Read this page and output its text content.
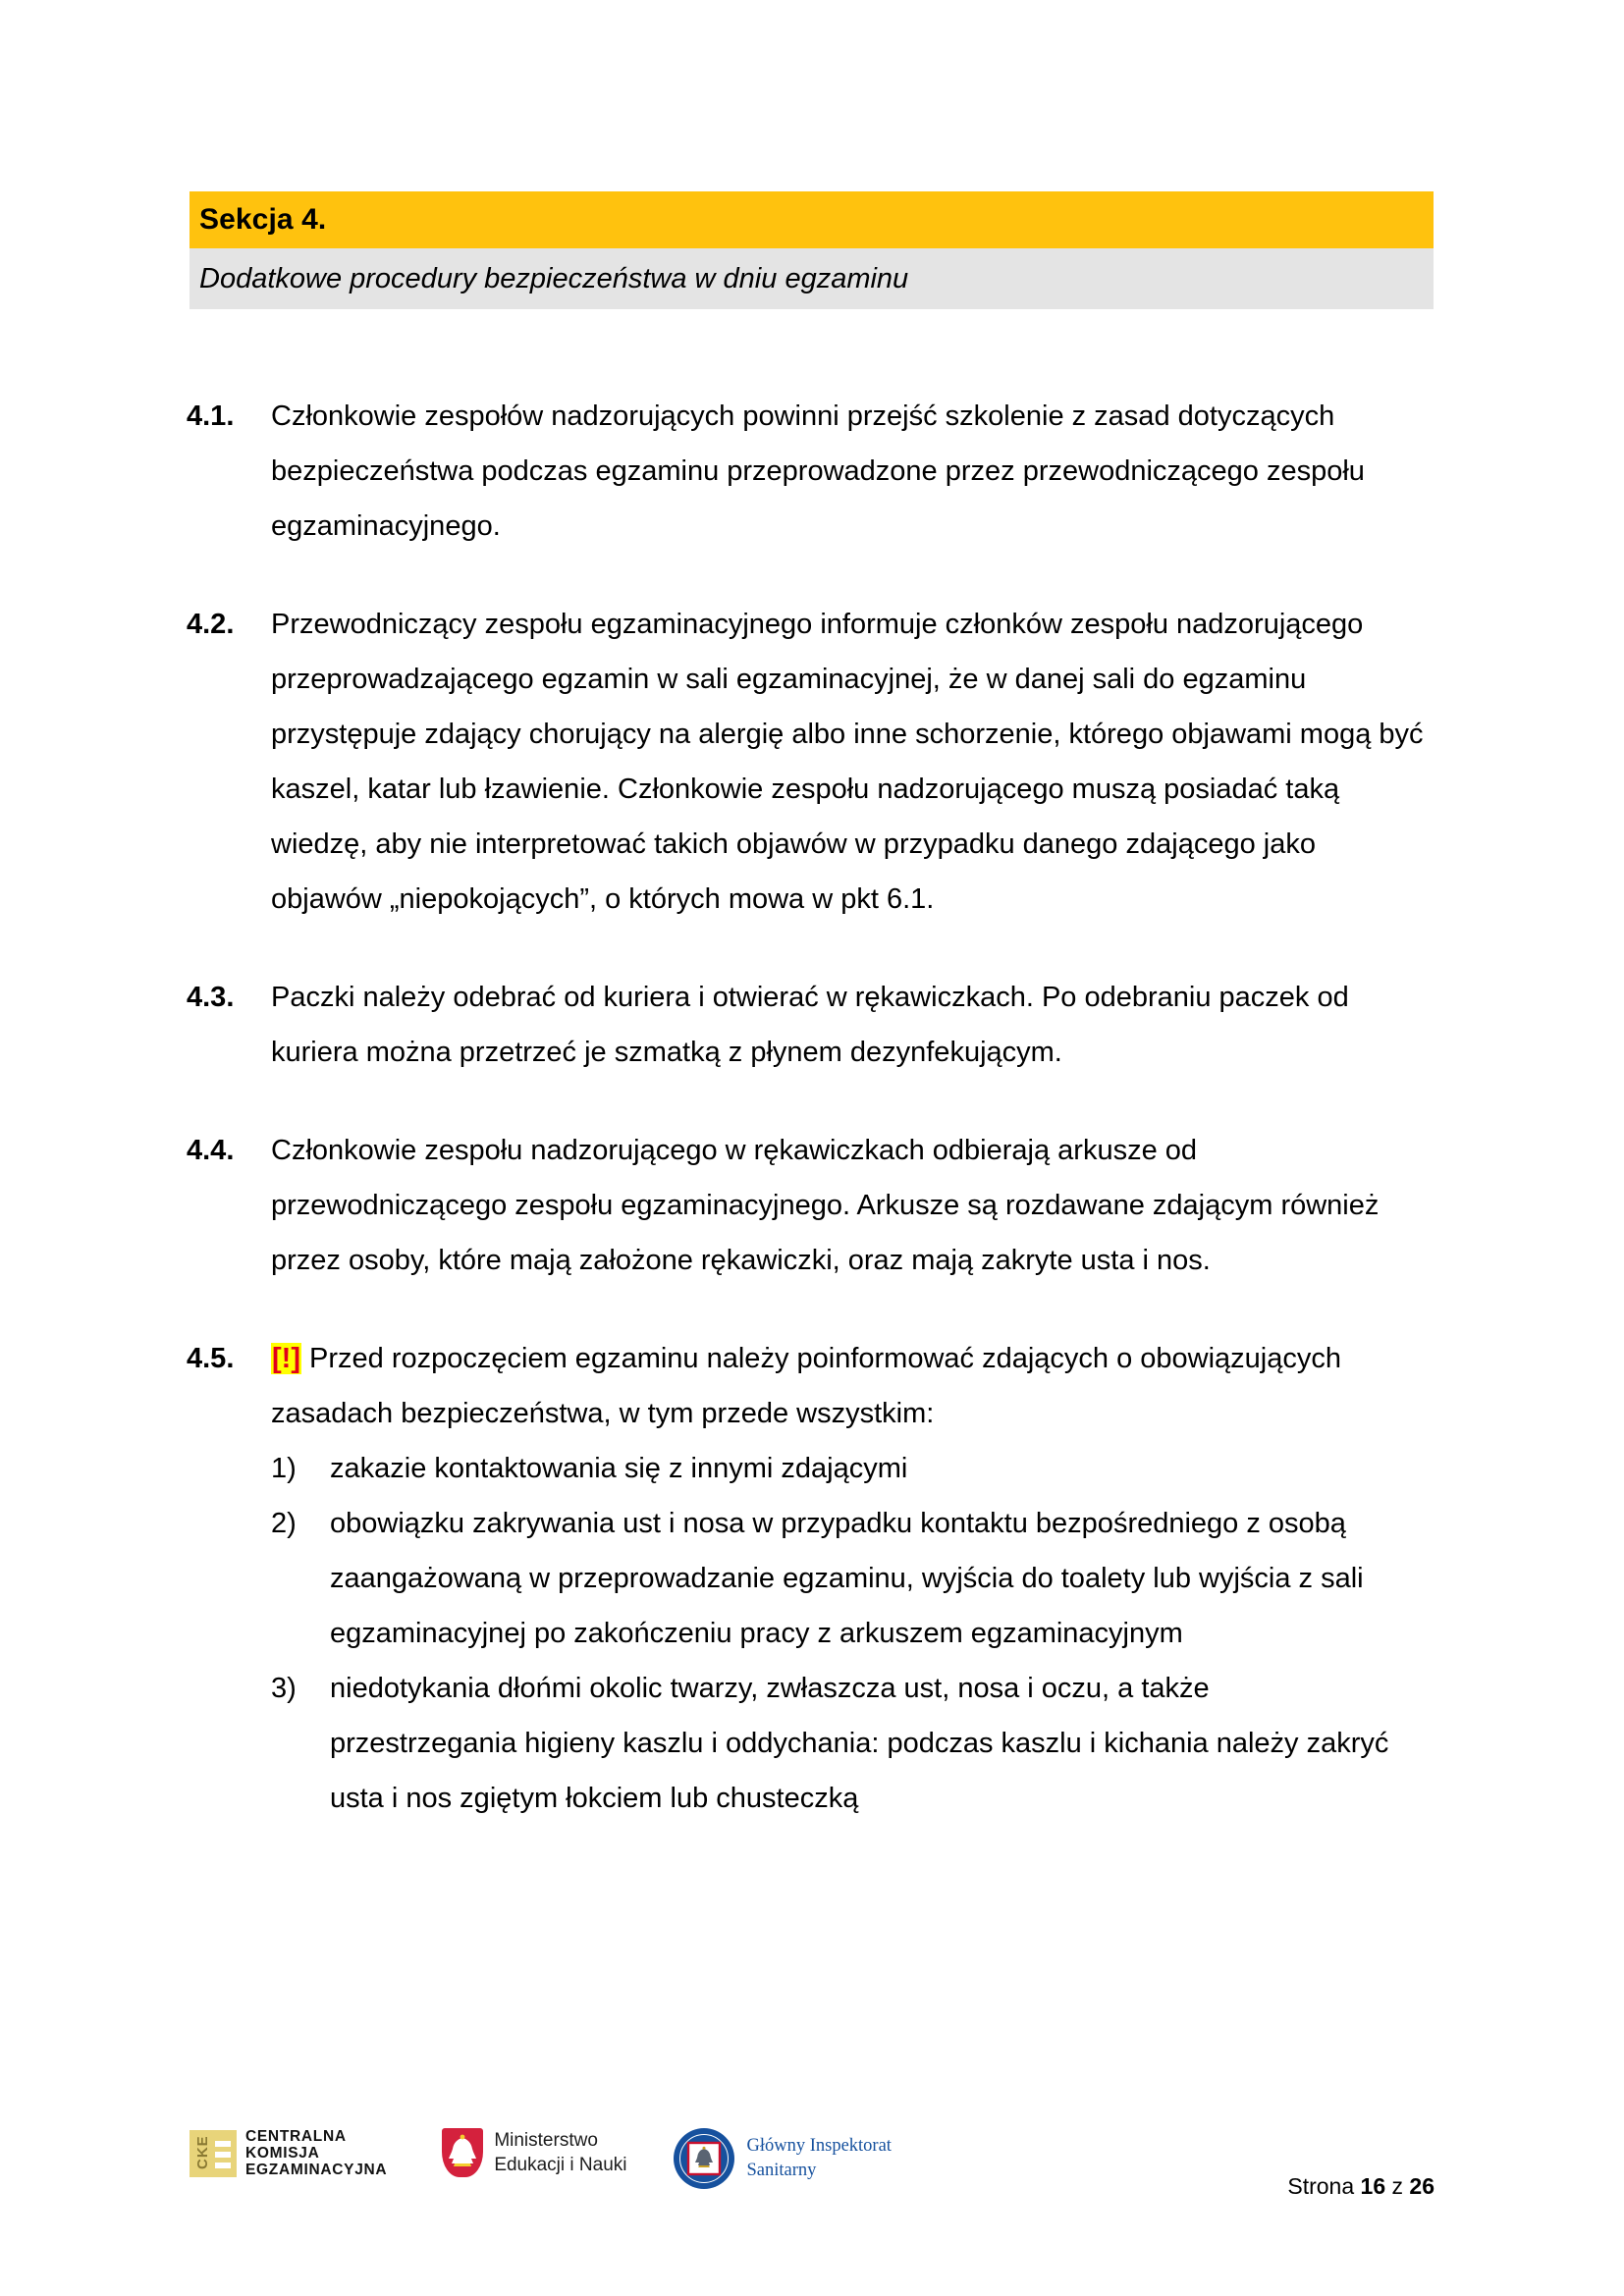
Sekcja 4.
Dodatkowe procedury bezpieczeństwa w dniu egzaminu
4.1.	Członkowie zespołów nadzorujących powinni przejść szkolenie z zasad dotyczących bezpieczeństwa podczas egzaminu przeprowadzone przez przewodniczącego zespołu egzaminacyjnego.

4.2.	Przewodniczący zespołu egzaminacyjnego informuje członków zespołu nadzorującego przeprowadzającego egzamin w sali egzaminacyjnej, że w danej sali do egzaminu przystępuje zdający chorujący na alergię albo inne schorzenie, którego objawami mogą być kaszel, katar lub łzawienie. Członkowie zespołu nadzorującego muszą posiadać taką wiedzę, aby nie interpretować takich objawów w przypadku danego zdającego jako objawów „niepokojących”, o których mowa w pkt 6.1.

4.3.	Paczki należy odebrać od kuriera i otwierać w rękawiczkach. Po odebraniu paczek od kuriera można przetrzeć je szmatką z płynem dezynfekującym.

4.4.	Członkowie zespołu nadzorującego w rękawiczkach odbierają arkusze od przewodniczącego zespołu egzaminacyjnego. Arkusze są rozdawane zdającym również przez osoby, które mają założone rękawiczki, oraz mają zakryte usta i nos.

4.5.	[!] Przed rozpoczęciem egzaminu należy poinformować zdających o obowiązujących zasadach bezpieczeństwa, w tym przede wszystkim:

1)	zakazie kontaktowania się z innymi zdającymi
2)	obowiązku zakrywania ust i nosa w przypadku kontaktu bezpośredniego z osobą zaangażowaną w przeprowadzanie egzaminu, wyjścia do toalety lub wyjścia z sali egzaminacyjnej po zakończeniu pracy z arkuszem egzaminacyjnym
3)	niedotykania dłońmi okolic twarzy, zwłaszcza ust, nosa i oczu, a także przestrzegania higieny kaszlu i oddychania: podczas kaszlu i kichania należy zakryć usta i nos zgiętym łokciem lub chusteczką
CKE CENTRALNA
KOMISJA
EGZAMINACYJNA
Ministerstwo
Edukacji i Nauki
Główny Inspektorat
Sanitarny
Strona 16 z 26
